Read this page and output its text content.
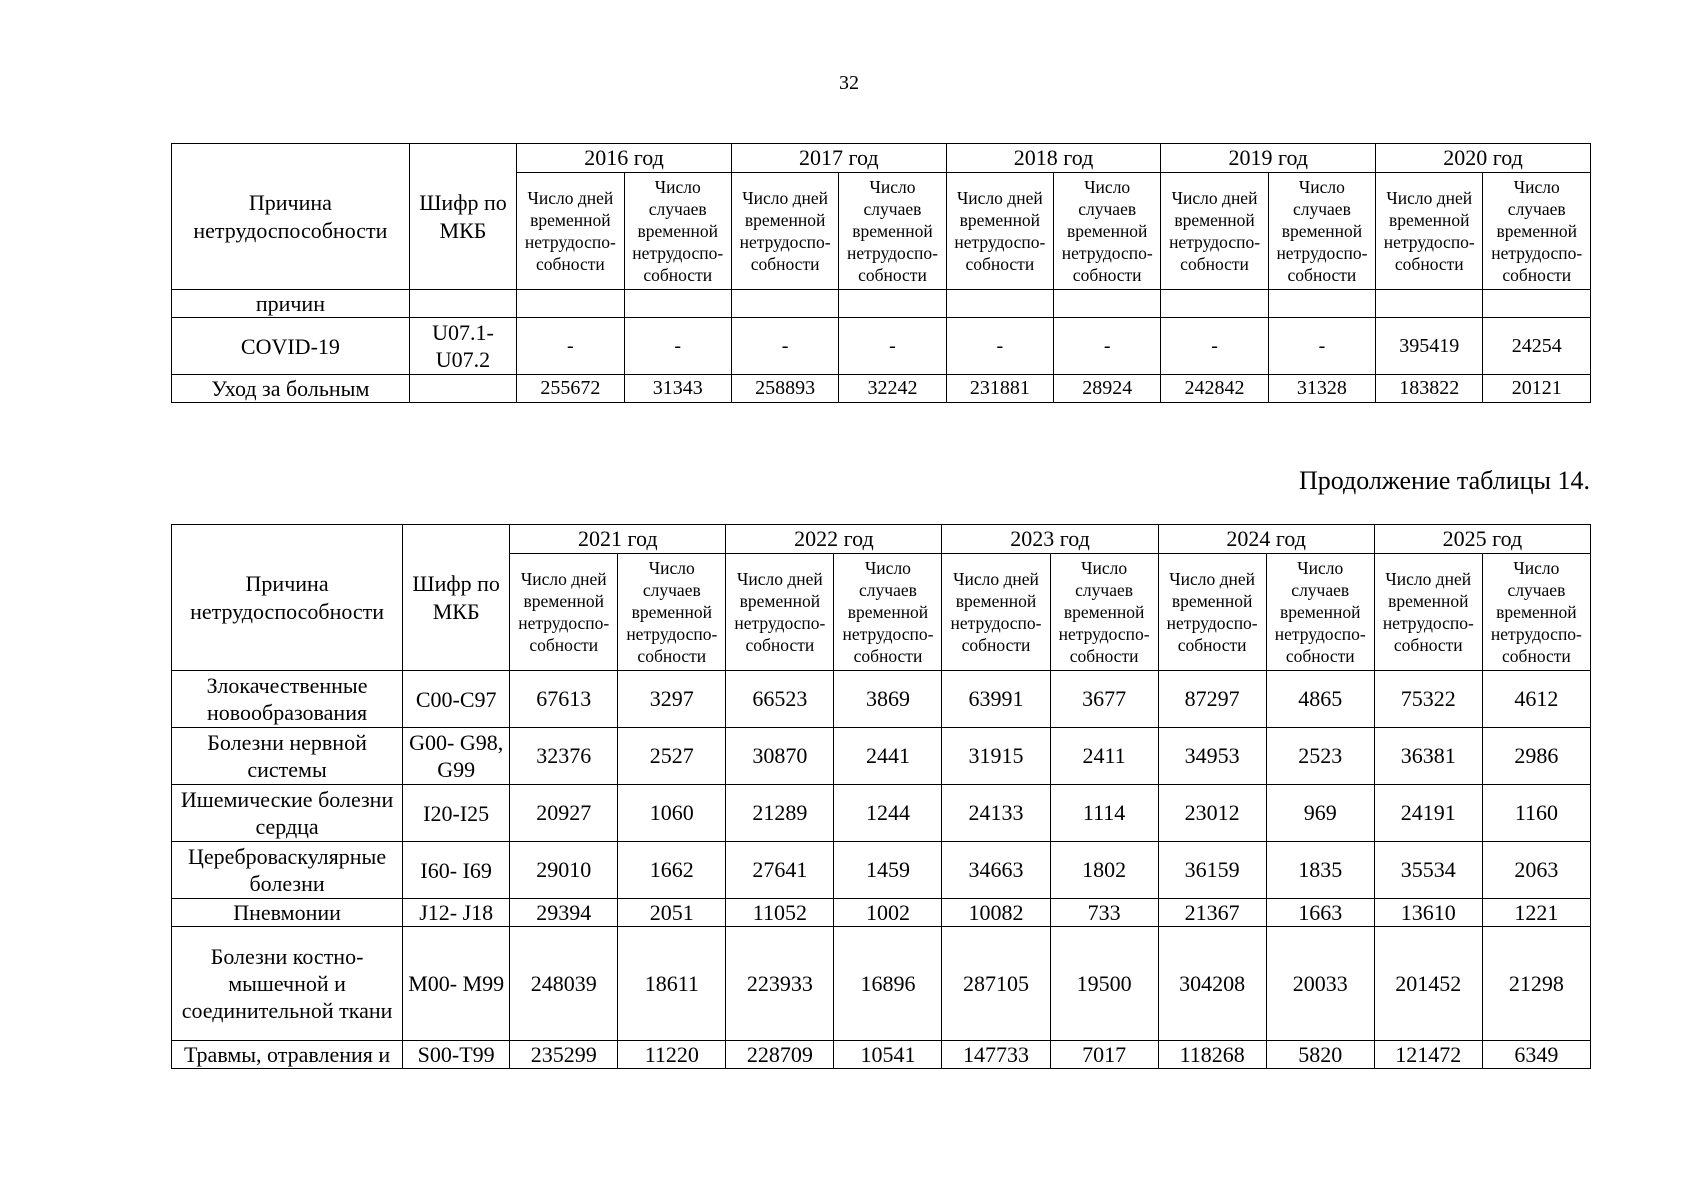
32
Причина нетрудоспособности	Шифр по МКБ	2016 год		2017 год		2018 год		2019 год		2020 год	
		Число дней временной нетрудоспо-собности	Число случаев временной нетрудоспо-собности	Число дней временной нетрудоспо-собности	Число случаев временной нетрудоспо-собности	Число дней временной нетрудоспо-собности	Число случаев временной нетрудоспо-собности	Число дней временной нетрудоспо-собности	Число случаев временной нетрудоспо-собности	Число дней временной нетрудоспо-собности	Число случаев временной нетрудоспо-собности
причин											
COVID-19	U07.1- U07.2	-	-	-	-	-	-	-	-	395419	24254
Уход за больным		255672	31343	258893	32242	231881	28924	242842	31328	183822	20121
Продолжение таблицы 14.
Причина нетрудоспособности	Шифр по МКБ	2021 год		2022 год		2023 год		2024 год		2025 год	
		Число дней временной нетрудоспо-собности	Число случаев временной нетрудоспо-собности	Число дней временной нетрудоспо-собности	Число случаев временной нетрудоспо-собности	Число дней временной нетрудоспо-собности	Число случаев временной нетрудоспо-собности	Число дней временной нетрудоспо-собности	Число случаев временной нетрудоспо-собности	Число дней временной нетрудоспо-собности	Число случаев временной нетрудоспо-собности
Злокачественные новообразования	C00-C97	67613	3297	66523	3869	63991	3677	87297	4865	75322	4612
Болезни нервной системы	G00- G98, G99	32376	2527	30870	2441	31915	2411	34953	2523	36381	2986
Ишемические болезни сердца	I20-I25	20927	1060	21289	1244	24133	1114	23012	969	24191	1160
Цереброваскулярные болезни	I60- I69	29010	1662	27641	1459	34663	1802	36159	1835	35534	2063
Пневмонии	J12- J18	29394	2051	11052	1002	10082	733	21367	1663	13610	1221
Болезни костно- мышечной и соединительной ткани	M00- M99	248039	18611	223933	16896	287105	19500	304208	20033	201452	21298
Травмы, отравления и	S00-T99	235299	11220	228709	10541	147733	7017	118268	5820	121472	6349
